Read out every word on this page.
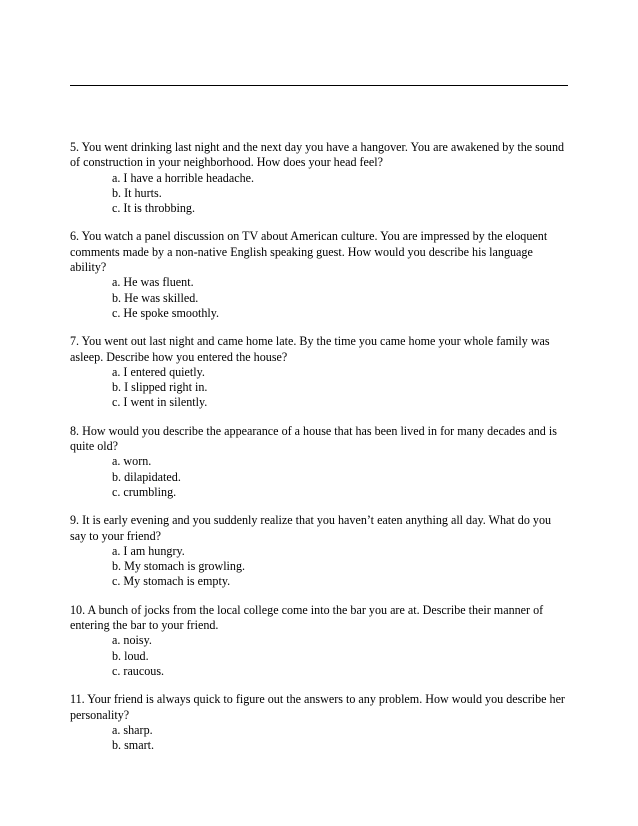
5. You went drinking last night and the next day you have a hangover. You are awakened by the sound of construction in your neighborhood. How does your head feel?

a. I have a horrible headache.
b. It hurts.
c. It is throbbing.

6. You watch a panel discussion on TV about American culture. You are impressed by the eloquent comments made by a non-native English speaking guest. How would you describe his language ability?

a. He was fluent.
b. He was skilled.
c. He spoke smoothly.

7. You went out last night and came home late. By the time you came home your whole family was asleep. Describe how you entered the house?

a. I entered quietly.
b. I slipped right in.
c. I went in silently.

8. How would you describe the appearance of a house that has been lived in for many decades and is quite old?

a. worn.
b. dilapidated.
c. crumbling.

9. It is early evening and you suddenly realize that you haven’t eaten anything all day. What do you say to your friend?

a. I am hungry.
b. My stomach is growling.
c. My stomach is empty.

10. A bunch of jocks from the local college come into the bar you are at. Describe their manner of entering the bar to your friend.

a. noisy.
b. loud.
c. raucous.

11. Your friend is always quick to figure out the answers to any problem. How would you describe her personality?

a. sharp.
b. smart.
